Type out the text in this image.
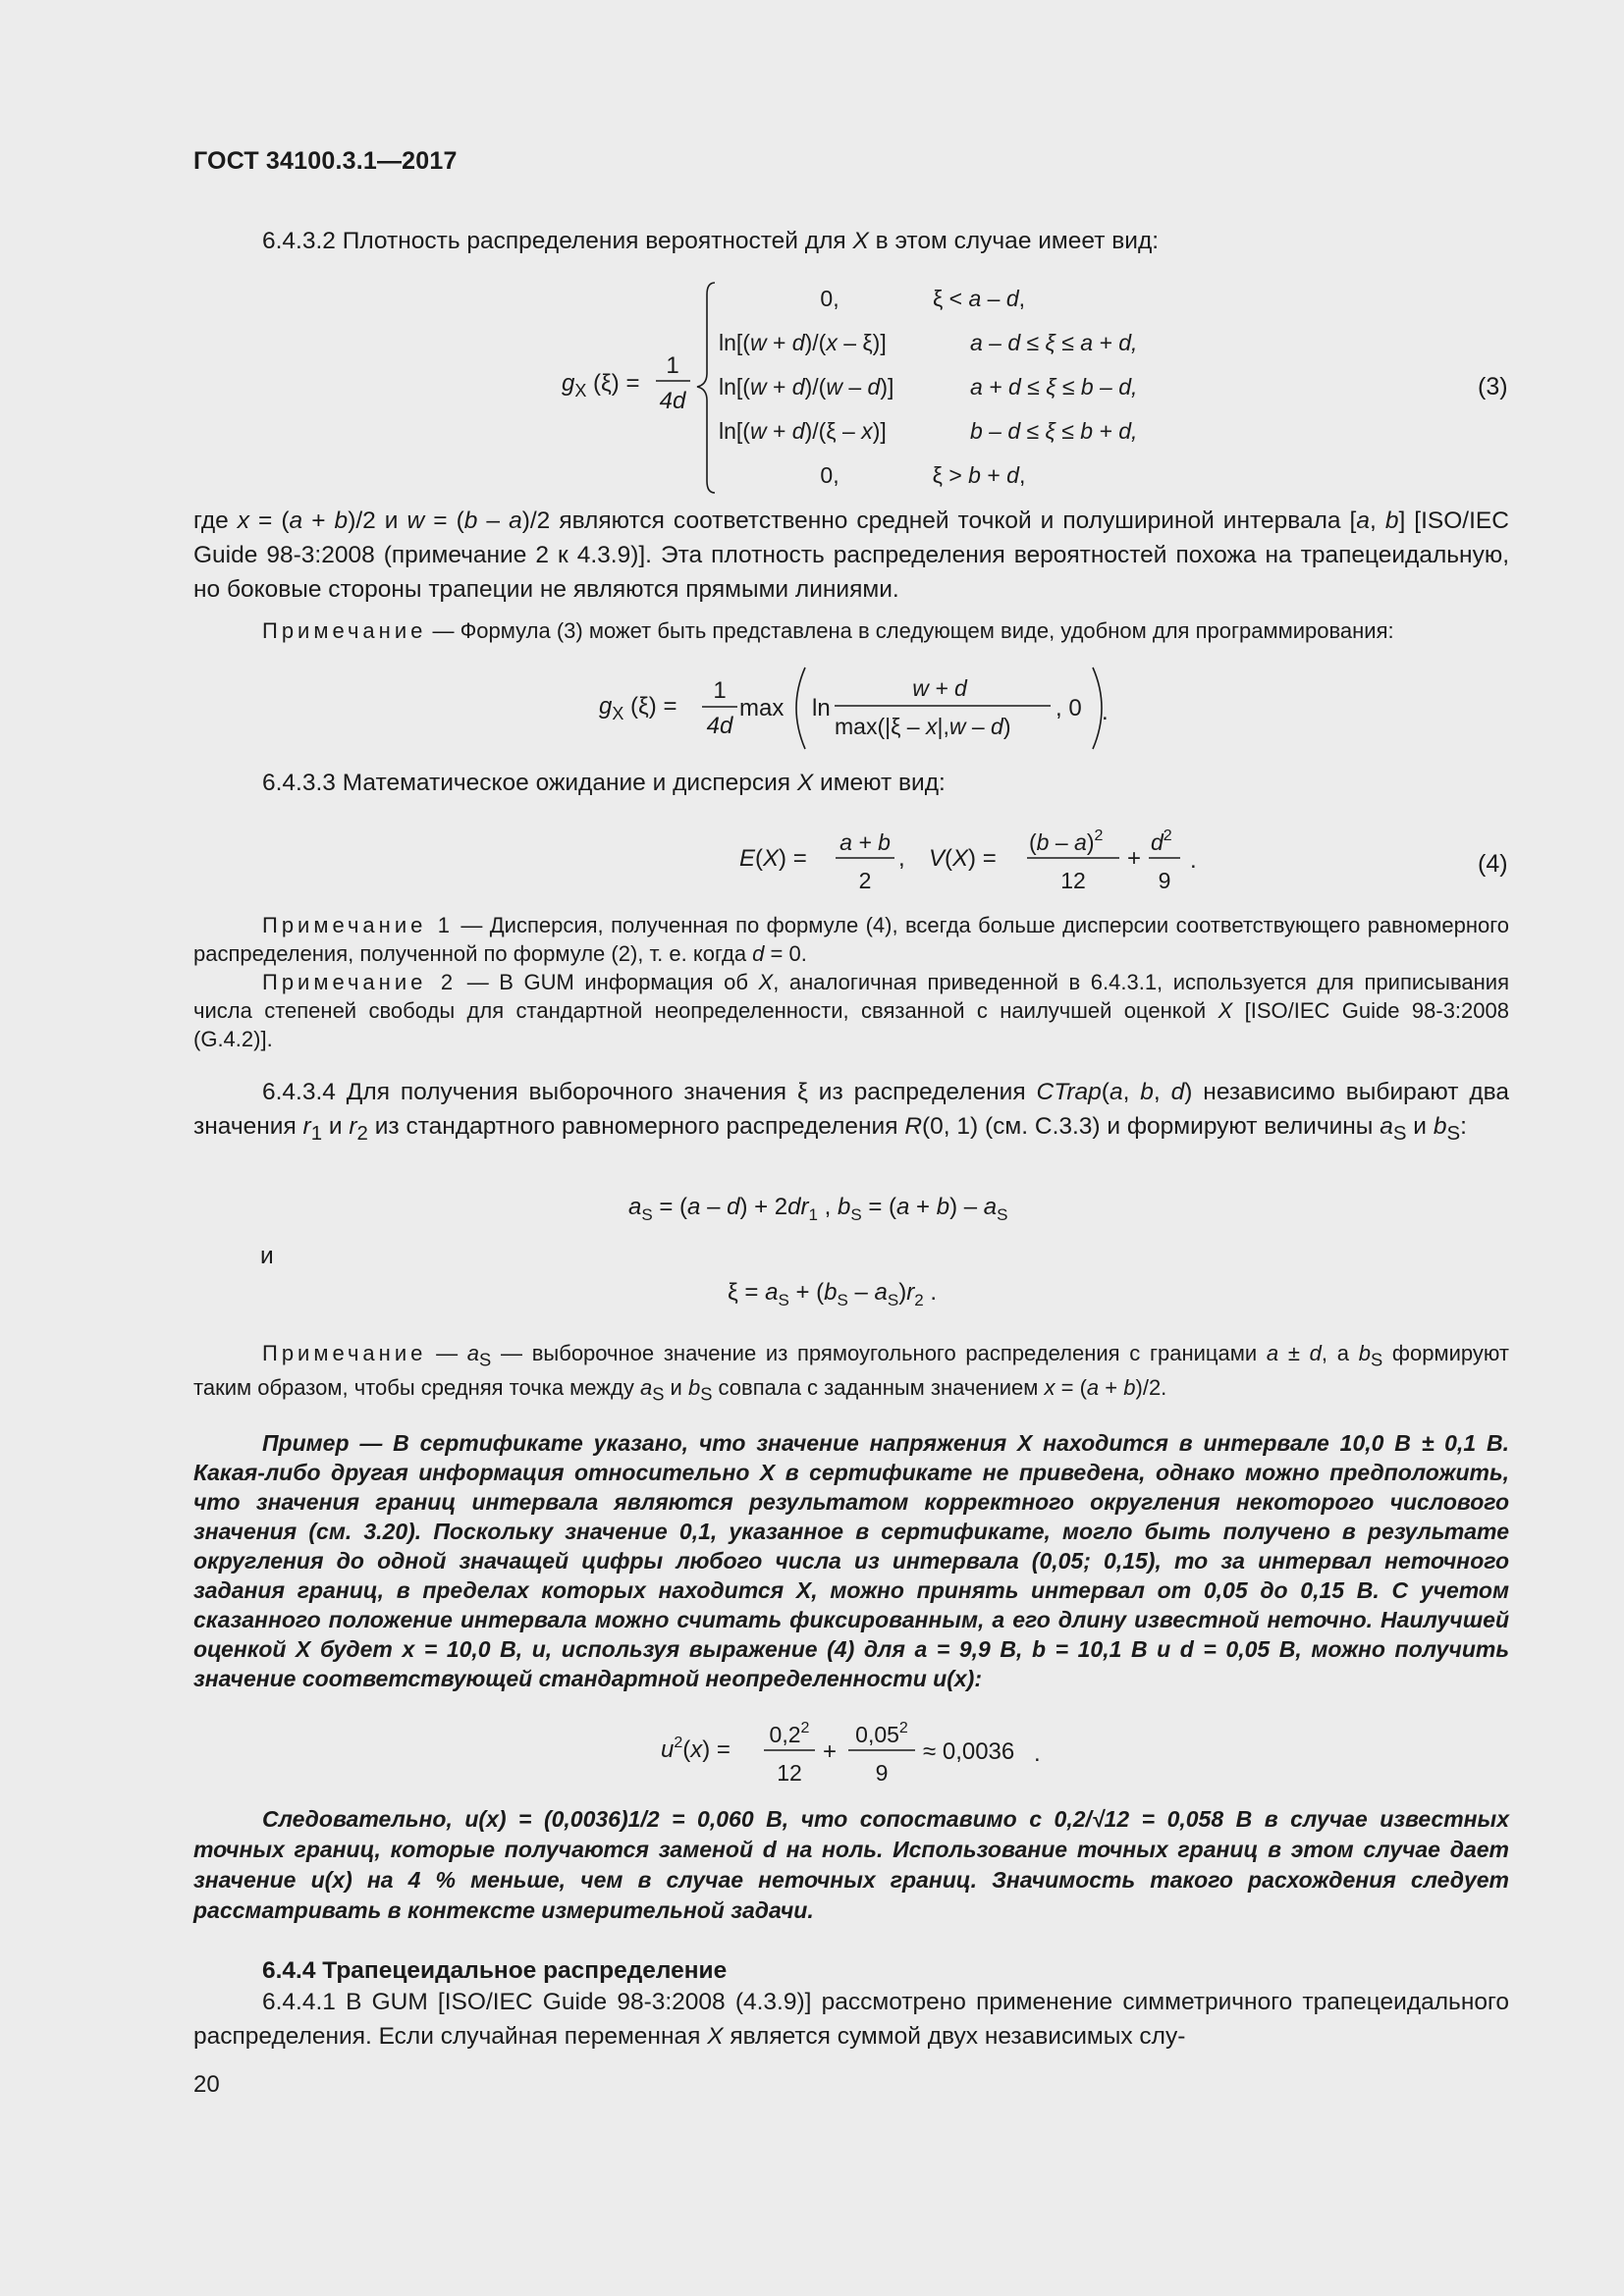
ГОСТ 34100.3.1—2017
6.4.3.2 Плотность распределения вероятностей для X в этом случае имеет вид:
$g_X$ (ξ) =
1
4d
0,	ξ < a – d,
ln[(w + d)/(x – ξ)]	a – d ≤ ξ ≤ a + d,
ln[(w + d)/(w – d)]	a + d ≤ ξ ≤ b – d,
ln[(w + d)/(ξ – x)]	b – d ≤ ξ ≤ b + d,
0,	ξ > b + d,
(3)
где x = (a + b)/2 и w = (b – a)/2 являются соответственно средней точкой и полушириной интервала [a, b] [ISO/IEC Guide 98-3:2008 (примечание 2 к 4.3.9)]. Эта плотность распределения вероятностей похожа на трапецеидальную, но боковые стороны трапеции не являются прямыми линиями.
Примечание — Формула (3) может быть представлена в следующем виде, удобном для программирования:
$g_X$ (ξ) =
1
4d
max ln
w + d
max(|ξ – x|,w – d)
, 0 .
6.4.3.3 Математическое ожидание и дисперсия X имеют вид:
E(X) =
a + b
2
, V(X) =
(b – a)$^2$
12
+
$d^2$
9
.	(4)
Примечание 1 — Дисперсия, полученная по формуле (4), всегда больше дисперсии соответствующего равномерного распределения, полученной по формуле (2), т. е. когда d = 0.
Примечание 2 — В GUM информация об X, аналогичная приведенной в 6.4.3.1, используется для приписывания числа степеней свободы для стандартной неопределенности, связанной с наилучшей оценкой X [ISO/IEC Guide 98-3:2008 (G.4.2)].
6.4.3.4 Для получения выборочного значения ξ из распределения CTrap(a, b, d) независимо выбирают два значения $r_1$ и $r_2$ из стандартного равномерного распределения R(0, 1) (см. С.3.3) и формируют величины $a_S$ и $b_S$:
$a_S = (a - d) + 2dr_1$ , $b_S = (a + b) - a_S$
и
$\xi = a_S + (b_S - a_S)r_2$ .
Примечание — $a_S$ — выборочное значение из прямоугольного распределения с границами a ± d, а $b_S$ формируют таким образом, чтобы средняя точка между $a_S$ и $b_S$ совпала с заданным значением x = (a + b)/2.
Пример — В сертификате указано, что значение напряжения X находится в интервале 10,0 В ± 0,1 В. Какая-либо другая информация относительно X в сертификате не приведена, однако можно предположить, что значения границ интервала являются результатом корректного округления некоторого числового значения (см. 3.20). Поскольку значение 0,1, указанное в сертификате, могло быть получено в результате округления до одной значащей цифры любого числа из интервала (0,05; 0,15), то за интервал неточного задания границ, в пределах которых находится X, можно принять интервал от 0,05 до 0,15 В. С учетом сказанного положение интервала можно считать фиксированным, а его длину известной неточно. Наилучшей оценкой X будет x = 10,0 В, и, используя выражение (4) для a = 9,9 В, b = 10,1 В и d = 0,05 В, можно получить значение соответствующей стандартной неопределенности u(x):
$u^2(x)$ =
$0,2^2$
12
+
$0,05^2$
9
≈ 0,0036 .
Следовательно, u(x) = (0,0036)1/2 = 0,060 В, что сопоставимо с 0,2/√12 = 0,058 В в случае известных точных границ, которые получаются заменой d на ноль. Использование точных границ в этом случае дает значение u(x) на 4 % меньше, чем в случае неточных границ. Значимость такого расхождения следует рассматривать в контексте измерительной задачи.
6.4.4 Трапецеидальное распределение
6.4.4.1 В GUM [ISO/IEC Guide 98-3:2008 (4.3.9)] рассмотрено применение симметричного трапецеидального распределения. Если случайная переменная X является суммой двух независимых слу-
20
